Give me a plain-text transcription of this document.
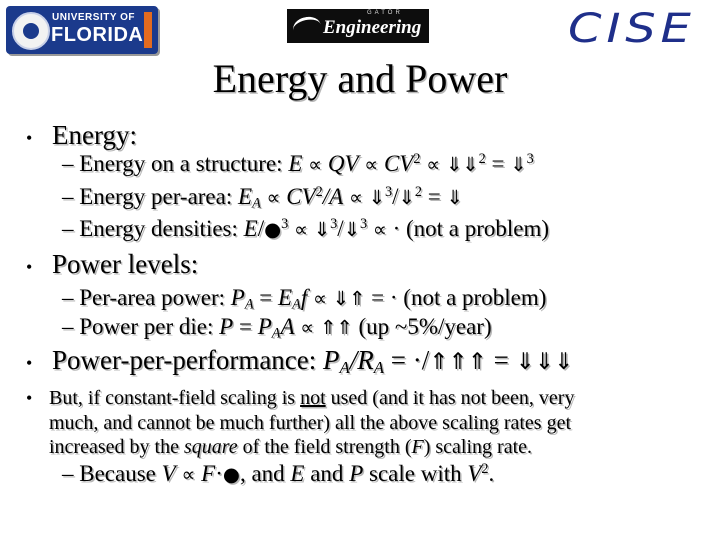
UNIVERSITY OF
FLORIDA
GATOR
Engineering	CISE
Energy and Power
• Energy:
– Energy on a structure: E ∝ QV ∝ $CV^2$ ∝ ⇓⇓$^2$ = ⇓$^3$
– Energy per-area: $E_A \propto CV^2/A$ ∝ ⇓$^3$/⇓$^2$ = ⇓
– Energy densities: E/●$^3$ ∝ ⇓$^3$/⇓$^3$ ∝ · (not a problem)
• Power levels:
– Per-area power: $P_A = E_Af$ ∝ ⇓⇑ = · (not a problem)
– Power per die: $P = P_AA$ ∝ ⇑⇑ (up ~5%/year)
• Power-per-performance: $P_A/R_A$ = ·/⇑⇑⇑ = ⇓⇓⇓
• But, if constant-field scaling is not used (and it has not been, very
much, and cannot be much further) all the above scaling rates get
increased by the square of the field strength (F) scaling rate.
– Because V ∝ F·●, and E and P scale with $V^2$.
